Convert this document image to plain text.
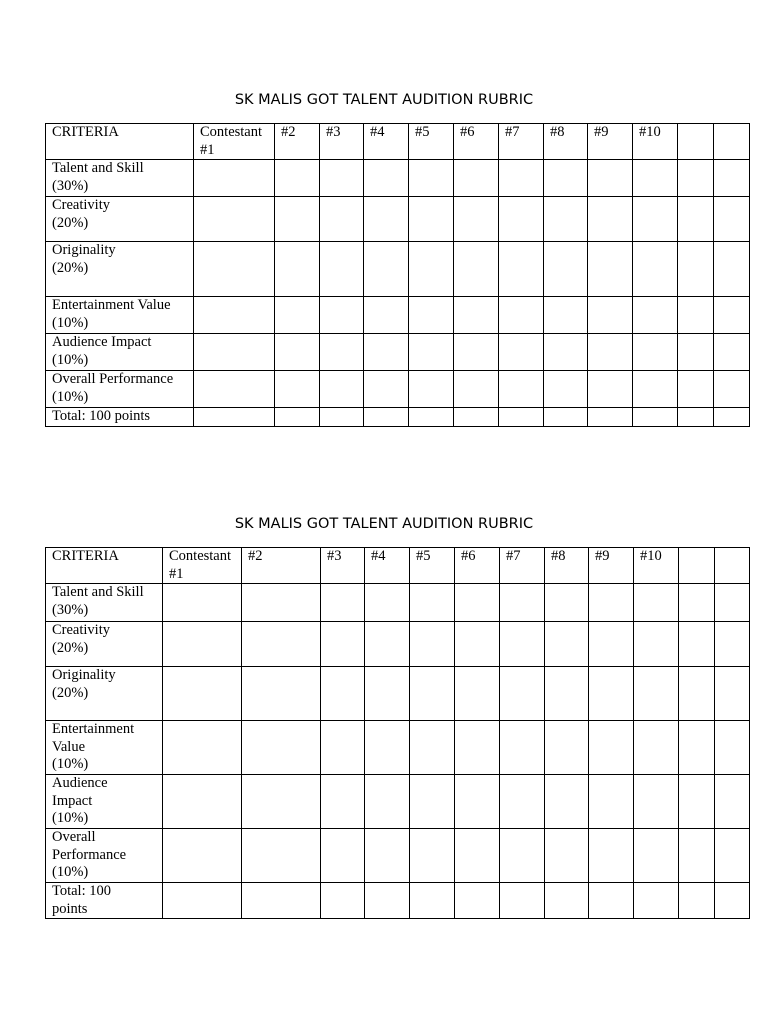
SK MALIS GOT TALENT AUDITION RUBRIC
CRITERIA	Contestant #1	#2	#3	#4	#5	#6	#7	#8	#9	#10		

Talent and Skill
(30%)												

Creativity
(20%)												

Originality
(20%)												

Entertainment Value
(10%)												

Audience Impact
(10%)												

Overall Performance
(10%)												

Total: 100 points												

SK MALIS GOT TALENT AUDITION RUBRIC
CRITERIA	Contestant #1	#2	#3	#4	#5	#6	#7	#8	#9	#10		

Talent and Skill
(30%)												

Creativity
(20%)												

Originality
(20%)												

Entertainment
Value
(10%)												

Audience
Impact
(10%)												

Overall
Performance
(10%)												

Total: 100
points												
